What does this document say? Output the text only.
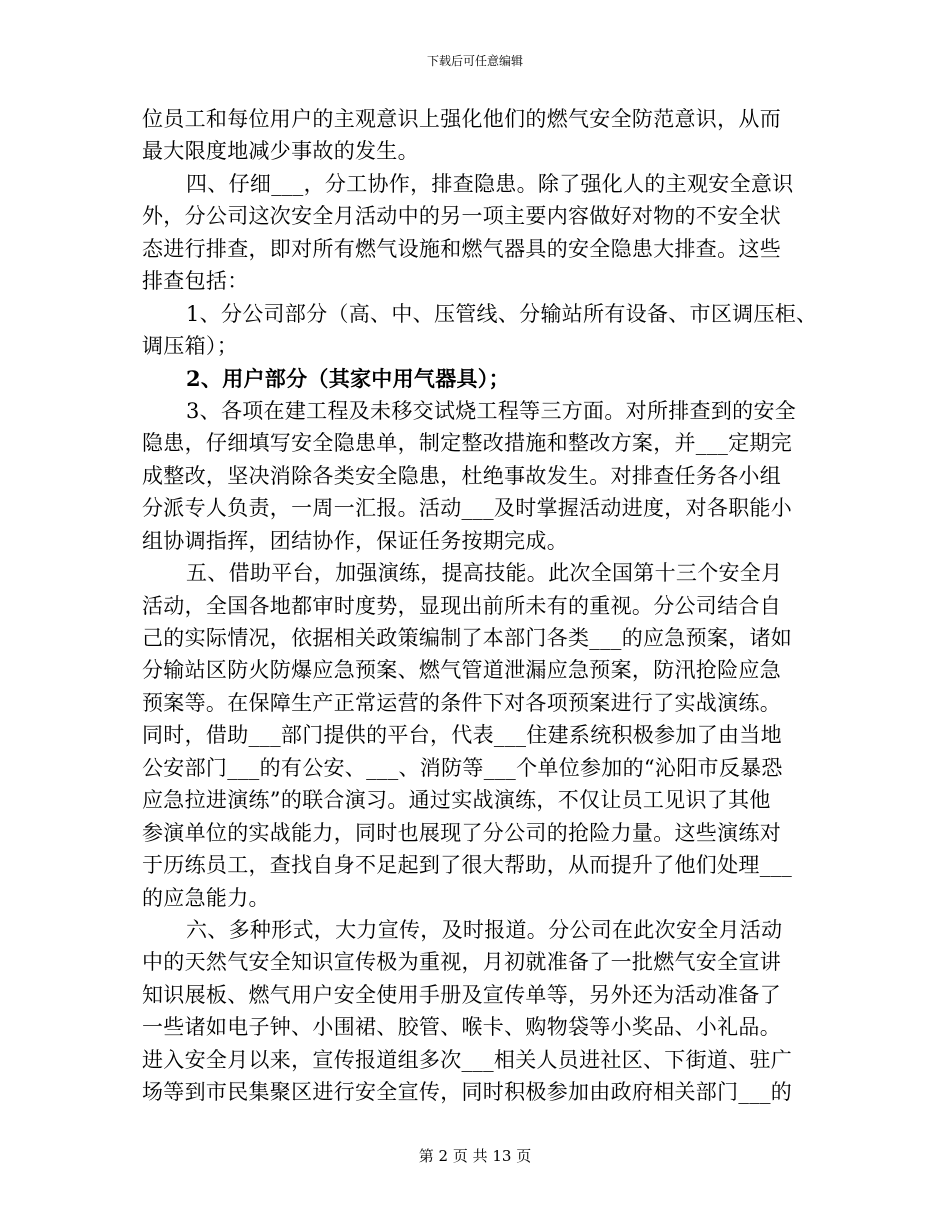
下载后可任意编辑
位员工和每位用户的主观意识上强化他们的燃气安全防范意识，从而
最大限度地减少事故的发生。
四、仔细___，分工协作，排查隐患。除了强化人的主观安全意识
外，分公司这次安全月活动中的另一项主要内容做好对物的不安全状
态进行排查，即对所有燃气设施和燃气器具的安全隐患大排查。这些
排查包括：
1、分公司部分（高、中、压管线、分输站所有设备、市区调压柜、
调压箱）；
2、用户部分（其家中用气器具）；
3、各项在建工程及未移交试烧工程等三方面。对所排查到的安全
隐患，仔细填写安全隐患单，制定整改措施和整改方案，并___定期完
成整改，坚决消除各类安全隐患，杜绝事故发生。对排查任务各小组
分派专人负责，一周一汇报。活动___及时掌握活动进度，对各职能小
组协调指挥，团结协作，保证任务按期完成。
五、借助平台，加强演练，提高技能。此次全国第十三个安全月
活动，全国各地都审时度势，显现出前所未有的重视。分公司结合自
己的实际情况，依据相关政策编制了本部门各类___的应急预案，诸如
分输站区防火防爆应急预案、燃气管道泄漏应急预案，防汛抢险应急
预案等。在保障生产正常运营的条件下对各项预案进行了实战演练。
同时，借助___部门提供的平台，代表___住建系统积极参加了由当地
公安部门___的有公安、___、消防等___个单位参加的“沁阳市反暴恐
应急拉进演练”的联合演习。通过实战演练，不仅让员工见识了其他
参演单位的实战能力，同时也展现了分公司的抢险力量。这些演练对
于历练员工，查找自身不足起到了很大帮助，从而提升了他们处理___
的应急能力。
六、多种形式，大力宣传，及时报道。分公司在此次安全月活动
中的天然气安全知识宣传极为重视，月初就准备了一批燃气安全宣讲
知识展板、燃气用户安全使用手册及宣传单等，另外还为活动准备了
一些诸如电子钟、小围裙、胶管、喉卡、购物袋等小奖品、小礼品。
进入安全月以来，宣传报道组多次___相关人员进社区、下街道、驻广
场等到市民集聚区进行安全宣传，同时积极参加由政府相关部门___的
第 2 页 共 13 页
